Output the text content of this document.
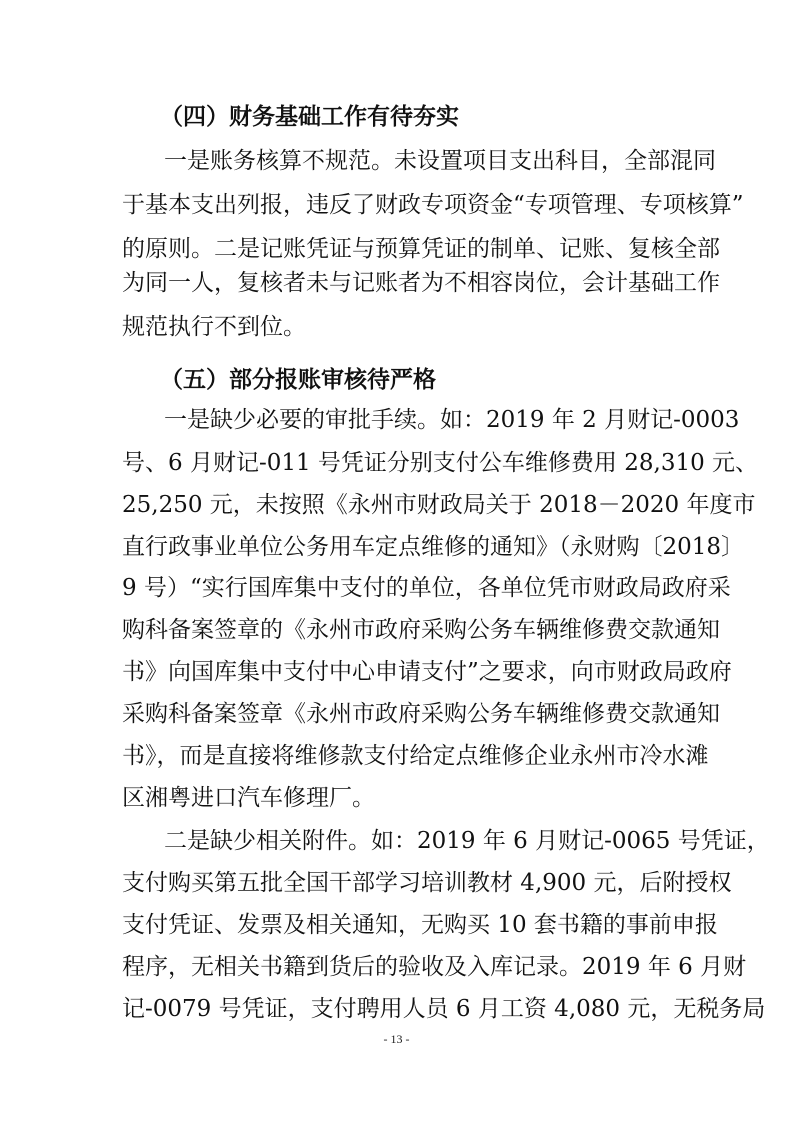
（四）财务基础工作有待夯实
一是账务核算不规范。未设置项目支出科目，全部混同
于基本支出列报，违反了财政专项资金“专项管理、专项核算”
的原则。二是记账凭证与预算凭证的制单、记账、复核全部
为同一人，复核者未与记账者为不相容岗位，会计基础工作
规范执行不到位。
（五）部分报账审核待严格
一是缺少必要的审批手续。如：2019 年 2 月财记-0003
号、6 月财记-011 号凭证分别支付公车维修费用 28,310 元、
25,250 元，未按照《永州市财政局关于 2018－2020 年度市
直行政事业单位公务用车定点维修的通知》（永财购〔2018〕
9 号）“实行国库集中支付的单位，各单位凭市财政局政府采
购科备案签章的《永州市政府采购公务车辆维修费交款通知
书》向国库集中支付中心申请支付”之要求，向市财政局政府
采购科备案签章《永州市政府采购公务车辆维修费交款通知
书》，而是直接将维修款支付给定点维修企业永州市冷水滩
区湘粤进口汽车修理厂。
二是缺少相关附件。如：2019 年 6 月财记-0065 号凭证，
支付购买第五批全国干部学习培训教材 4,900 元，后附授权
支付凭证、发票及相关通知，无购买 10 套书籍的事前申报
程序，无相关书籍到货后的验收及入库记录。2019 年 6 月财
记-0079 号凭证，支付聘用人员 6 月工资 4,080 元，无税务局
- 13 -
